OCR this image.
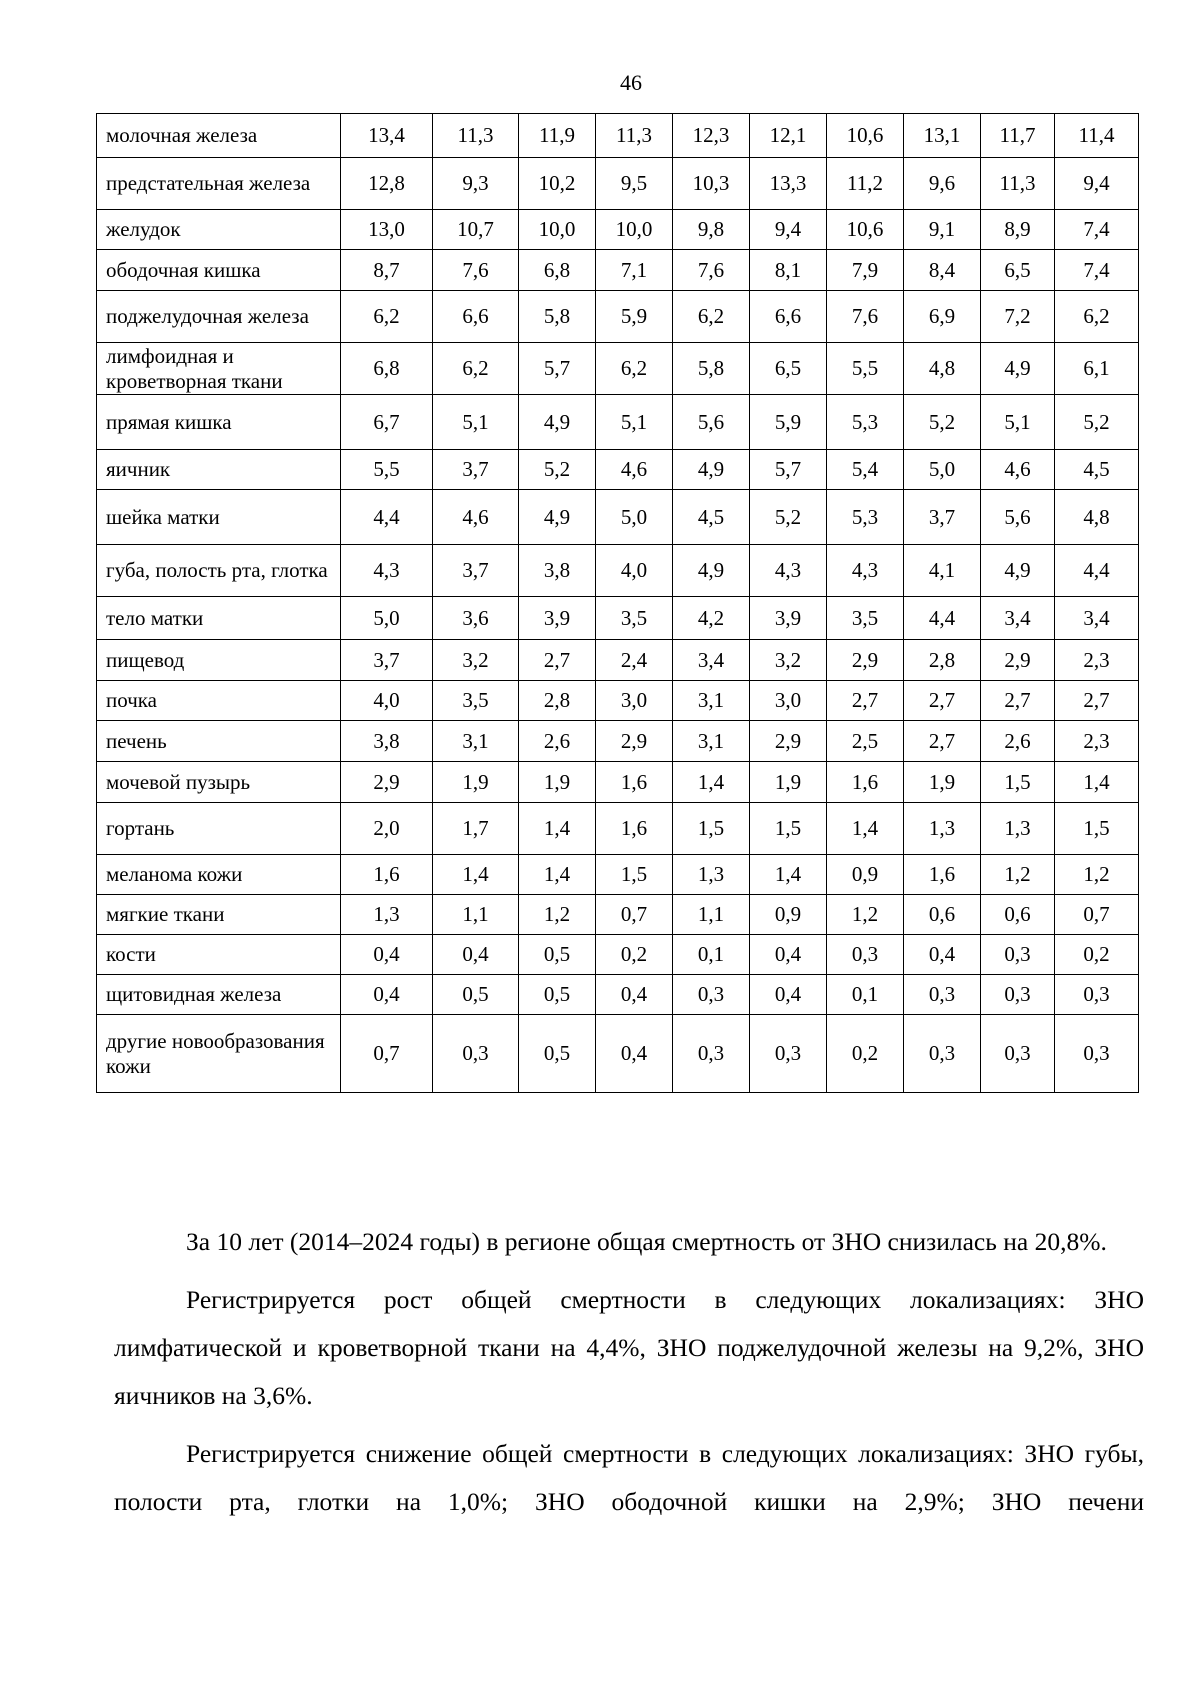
46
молочная железа	13,4	11,3	11,9	11,3	12,3	12,1	10,6	13,1	11,7	11,4
предстательная железа	12,8	9,3	10,2	9,5	10,3	13,3	11,2	9,6	11,3	9,4
желудок	13,0	10,7	10,0	10,0	9,8	9,4	10,6	9,1	8,9	7,4
ободочная кишка	8,7	7,6	6,8	7,1	7,6	8,1	7,9	8,4	6,5	7,4
поджелудочная железа	6,2	6,6	5,8	5,9	6,2	6,6	7,6	6,9	7,2	6,2
лимфоидная и кроветворная ткани	6,8	6,2	5,7	6,2	5,8	6,5	5,5	4,8	4,9	6,1
прямая кишка	6,7	5,1	4,9	5,1	5,6	5,9	5,3	5,2	5,1	5,2
яичник	5,5	3,7	5,2	4,6	4,9	5,7	5,4	5,0	4,6	4,5
шейка матки	4,4	4,6	4,9	5,0	4,5	5,2	5,3	3,7	5,6	4,8
губа, полость рта, глотка	4,3	3,7	3,8	4,0	4,9	4,3	4,3	4,1	4,9	4,4
тело матки	5,0	3,6	3,9	3,5	4,2	3,9	3,5	4,4	3,4	3,4
пищевод	3,7	3,2	2,7	2,4	3,4	3,2	2,9	2,8	2,9	2,3
почка	4,0	3,5	2,8	3,0	3,1	3,0	2,7	2,7	2,7	2,7
печень	3,8	3,1	2,6	2,9	3,1	2,9	2,5	2,7	2,6	2,3
мочевой пузырь	2,9	1,9	1,9	1,6	1,4	1,9	1,6	1,9	1,5	1,4
гортань	2,0	1,7	1,4	1,6	1,5	1,5	1,4	1,3	1,3	1,5
меланома кожи	1,6	1,4	1,4	1,5	1,3	1,4	0,9	1,6	1,2	1,2
мягкие ткани	1,3	1,1	1,2	0,7	1,1	0,9	1,2	0,6	0,6	0,7
кости	0,4	0,4	0,5	0,2	0,1	0,4	0,3	0,4	0,3	0,2
щитовидная железа	0,4	0,5	0,5	0,4	0,3	0,4	0,1	0,3	0,3	0,3
другие новообразования кожи	0,7	0,3	0,5	0,4	0,3	0,3	0,2	0,3	0,3	0,3

За 10 лет (2014–2024 годы) в регионе общая смертность от ЗНО снизилась на 20,8%.

Регистрируется рост общей смертности в следующих локализациях: ЗНО лимфатической и кроветворной ткани на 4,4%, ЗНО поджелудочной железы на 9,2%, ЗНО яичников на 3,6%.

Регистрируется снижение общей смертности в следующих локализациях: ЗНО губы, полости рта, глотки на 1,0%; ЗНО ободочной кишки на 2,9%; ЗНО печени
